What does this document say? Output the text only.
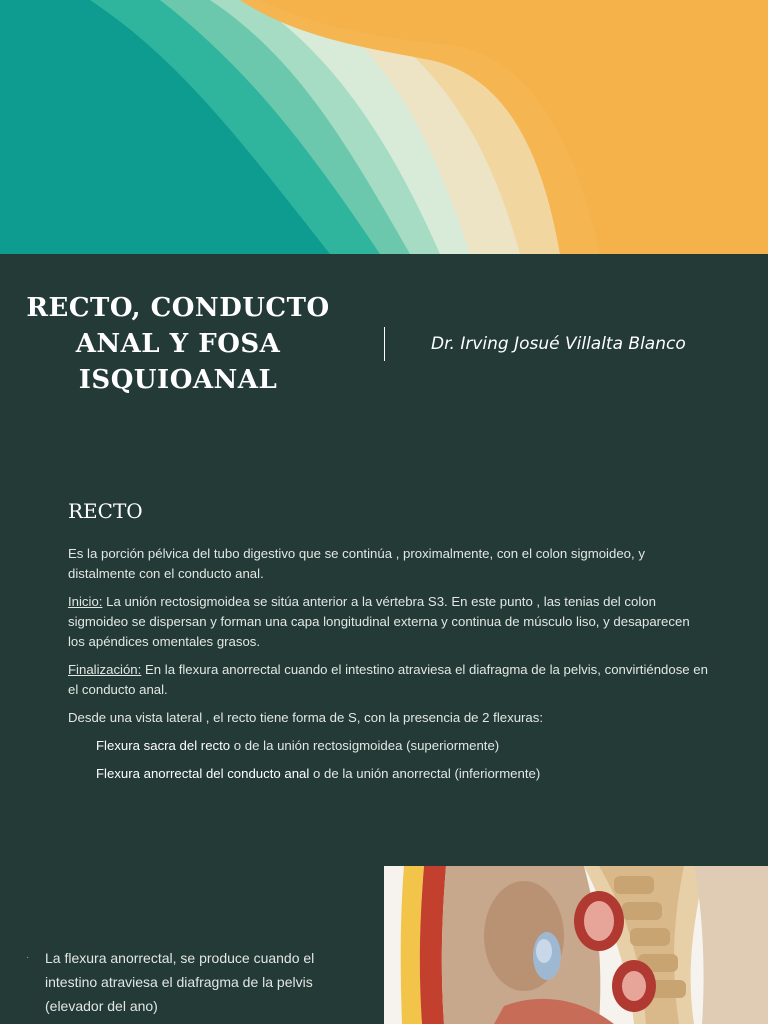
RECTO, CONDUCTO
ANAL Y FOSA
ISQUIOANAL
Dr. Irving Josué Villalta Blanco
RECTO

Es la porción pélvica del tubo digestivo que se continúa , proximalmente, con el colon sigmoideo, y distalmente con el conducto anal.

Inicio: La unión rectosigmoidea se sitúa anterior a la vértebra S3. En este punto , las tenias del colon sigmoideo se dispersan y forman una capa longitudinal externa y continua de músculo liso, y desaparecen los apéndices omentales grasos.

Finalización: En la flexura anorrectal cuando el intestino atraviesa el diafragma de la pelvis, convirtiéndose en el conducto anal.

Desde una vista lateral , el recto tiene forma de S, con la presencia de 2 flexuras:

Flexura sacra del recto o de la unión rectosigmoidea (superiormente)
Flexura anorrectal del conducto anal o de la unión anorrectal (inferiormente)
·	La flexura anorrectal, se produce cuando el intestino atraviesa el diafragma de la pelvis (elevador del ano)
